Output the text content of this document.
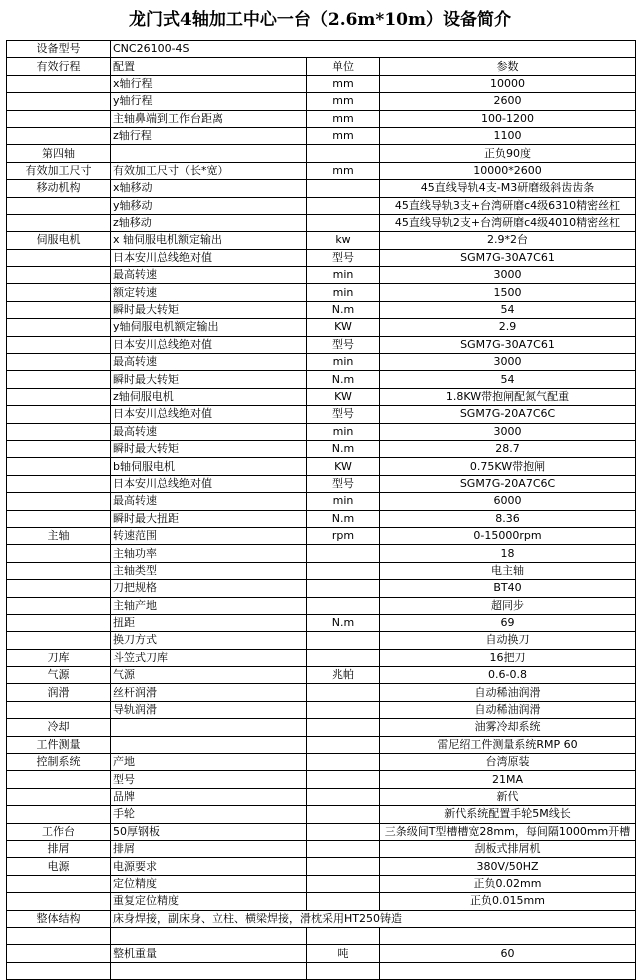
龙门式4轴加工中心一台（2.6m*10m）设备简介
设备型号	CNC26100-4S		
有效行程	配置	单位	参数
	x轴行程	mm	10000
	y轴行程	mm	2600
	主轴鼻端到工作台距离	mm	100-1200
	z轴行程	mm	1100
第四轴			正负90度
有效加工尺寸	有效加工尺寸（长*宽）	mm	10000*2600
移动机构	x轴移动		45直线导轨4支-M3研磨级斜齿齿条
	y轴移动		45直线导轨3支+台湾研磨c4级6310精密丝杠
	z轴移动		45直线导轨2支+台湾研磨c4级4010精密丝杠
伺服电机	x 轴伺服电机额定输出	kw	2.9*2台
	日本安川总线绝对值	型号	SGM7G-30A7C61
	最高转速	min	3000
	额定转速	min	1500
	瞬时最大转矩	N.m	54
	y轴伺服电机额定输出	KW	2.9
	日本安川总线绝对值	型号	SGM7G-30A7C61
	最高转速	min	3000
	瞬时最大转矩	N.m	54
	z轴伺服电机	KW	1.8KW带抱闸配氮气配重
	日本安川总线绝对值	型号	SGM7G-20A7C6C
	最高转速	min	3000
	瞬时最大转矩	N.m	28.7
	b轴伺服电机	KW	0.75KW带抱闸
	日本安川总线绝对值	型号	SGM7G-20A7C6C
	最高转速	min	6000
	瞬时最大扭距	N.m	8.36
主轴	转速范围	rpm	0-15000rpm
	主轴功率		18
	主轴类型		电主轴
	刀把规格		BT40
	主轴产地		超同步
	扭距	N.m	69
	换刀方式		自动换刀
刀库	斗笠式刀库		16把刀
气源	气源	兆帕	0.6-0.8
润滑	丝杆润滑		自动稀油润滑
	导轨润滑		自动稀油润滑
冷却			油雾冷却系统
工件测量			雷尼绍工件测量系统RMP 60
控制系统	产地		台湾原装
	型号		21MA
	品牌		新代
	手轮		新代系统配置手轮5M线长
工作台	50厚钢板		三条级间T型槽槽宽28mm，每间隔1000mm开槽
排屑	排屑		刮板式排屑机
电源	电源要求		380V/50HZ
	定位精度		正负0.02mm
	重复定位精度		正负0.015mm
整体结构	床身焊接，副床身、立柱、横梁焊接，滑枕采用HT250铸造		

	整机重量	吨	60
